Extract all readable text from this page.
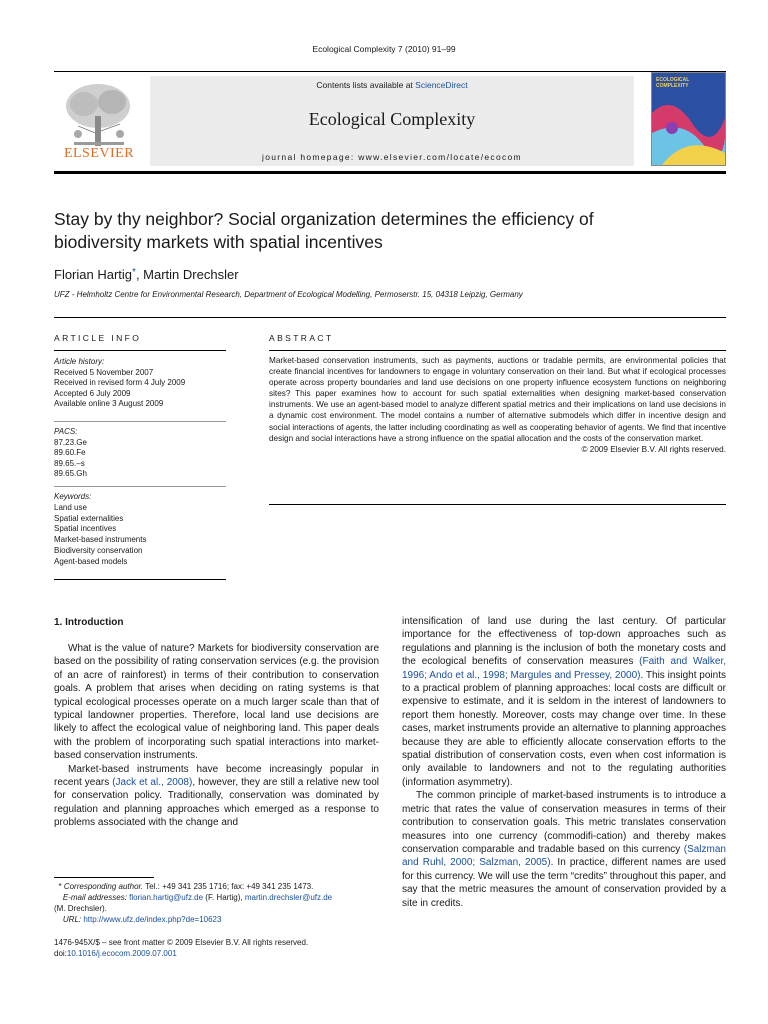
Ecological Complexity 7 (2010) 91–99
ELSEVIER
Contents lists available at ScienceDirect
Ecological Complexity
journal homepage: www.elsevier.com/locate/ecocom
ECOLOGICAL COMPLEXITY
Stay by thy neighbor? Social organization determines the efficiency of biodiversity markets with spatial incentives
Florian Hartig*, Martin Drechsler
UFZ - Helmholtz Centre for Environmental Research, Department of Ecological Modelling, Permoserstr. 15, 04318 Leipzig, Germany
ARTICLE INFO	ABSTRACT
Article history:
Received 5 November 2007
Received in revised form 4 July 2009
Accepted 6 July 2009
Available online 3 August 2009
PACS:
87.23.Ge
89.60.Fe
89.65.–s
89.65.Gh
Keywords:
Land use
Spatial externalities
Spatial incentives
Market-based instruments
Biodiversity conservation
Agent-based models
Market-based conservation instruments, such as payments, auctions or tradable permits, are environmental policies that create financial incentives for landowners to engage in voluntary conservation on their land. But what if ecological processes operate across property boundaries and land use decisions on one property influence ecosystem functions on neighboring sites? This paper examines how to account for such spatial externalities when designing market-based conservation instruments. We use an agent-based model to analyze different spatial metrics and their implications on land use decisions in a dynamic cost environment. The model contains a number of alternative submodels which differ in incentive design and social interactions of agents, the latter including coordinating as well as cooperating behavior of agents. We find that incentive design and social interactions have a strong influence on the spatial allocation and the costs of the conservation market.
© 2009 Elsevier B.V. All rights reserved.
1. Introduction

What is the value of nature? Markets for biodiversity conservation are based on the possibility of rating conservation services (e.g. the provision of an acre of rainforest) in terms of their contribution to conservation goals. A problem that arises when deciding on rating systems is that typical ecological processes operate on a much larger scale than that of typical landowner properties. Therefore, local land use decisions are likely to affect the ecological value of neighboring land. This paper deals with the problem of incorporating such spatial interactions into market-based conservation instruments.

Market-based instruments have become increasingly popular in recent years (Jack et al., 2008), however, they are still a relative new tool for conservation policy. Traditionally, conservation was dominated by regulation and planning approaches which emerged as a response to problems associated with the change and

intensification of land use during the last century. Of particular importance for the effectiveness of top-down approaches such as regulations and planning is the inclusion of both the monetary costs and the ecological benefits of conservation measures (Faith and Walker, 1996; Ando et al., 1998; Margules and Pressey, 2000). This insight points to a practical problem of planning approaches: local costs are difficult or expensive to estimate, and it is seldom in the interest of landowners to report them honestly. Moreover, costs may change over time. In these cases, market instruments provide an alternative to planning approaches because they are able to efficiently allocate conservation efforts to the spatial distribution of conservation costs, even when cost information is only available to landowners and not to the regulating authorities (information asymmetry).

The common principle of market-based instruments is to introduce a metric that rates the value of conservation measures in terms of their contribution to conservation goals. This metric translates conservation measures into one currency (commodifi-cation) and thereby makes conservation comparable and tradable based on this currency (Salzman and Ruhl, 2000; Salzman, 2005). In practice, different names are used for this currency. We will use the term “credits” throughout this paper, and say that the metric measures the amount of conservation provided by a site in credits.

* Corresponding author. Tel.: +49 341 235 1716; fax: +49 341 235 1473.
E-mail addresses: florian.hartig@ufz.de (F. Hartig), martin.drechsler@ufz.de
(M. Drechsler).
URL: http://www.ufz.de/index.php?de=10623
1476-945X/$ – see front matter © 2009 Elsevier B.V. All rights reserved.
doi:10.1016/j.ecocom.2009.07.001
